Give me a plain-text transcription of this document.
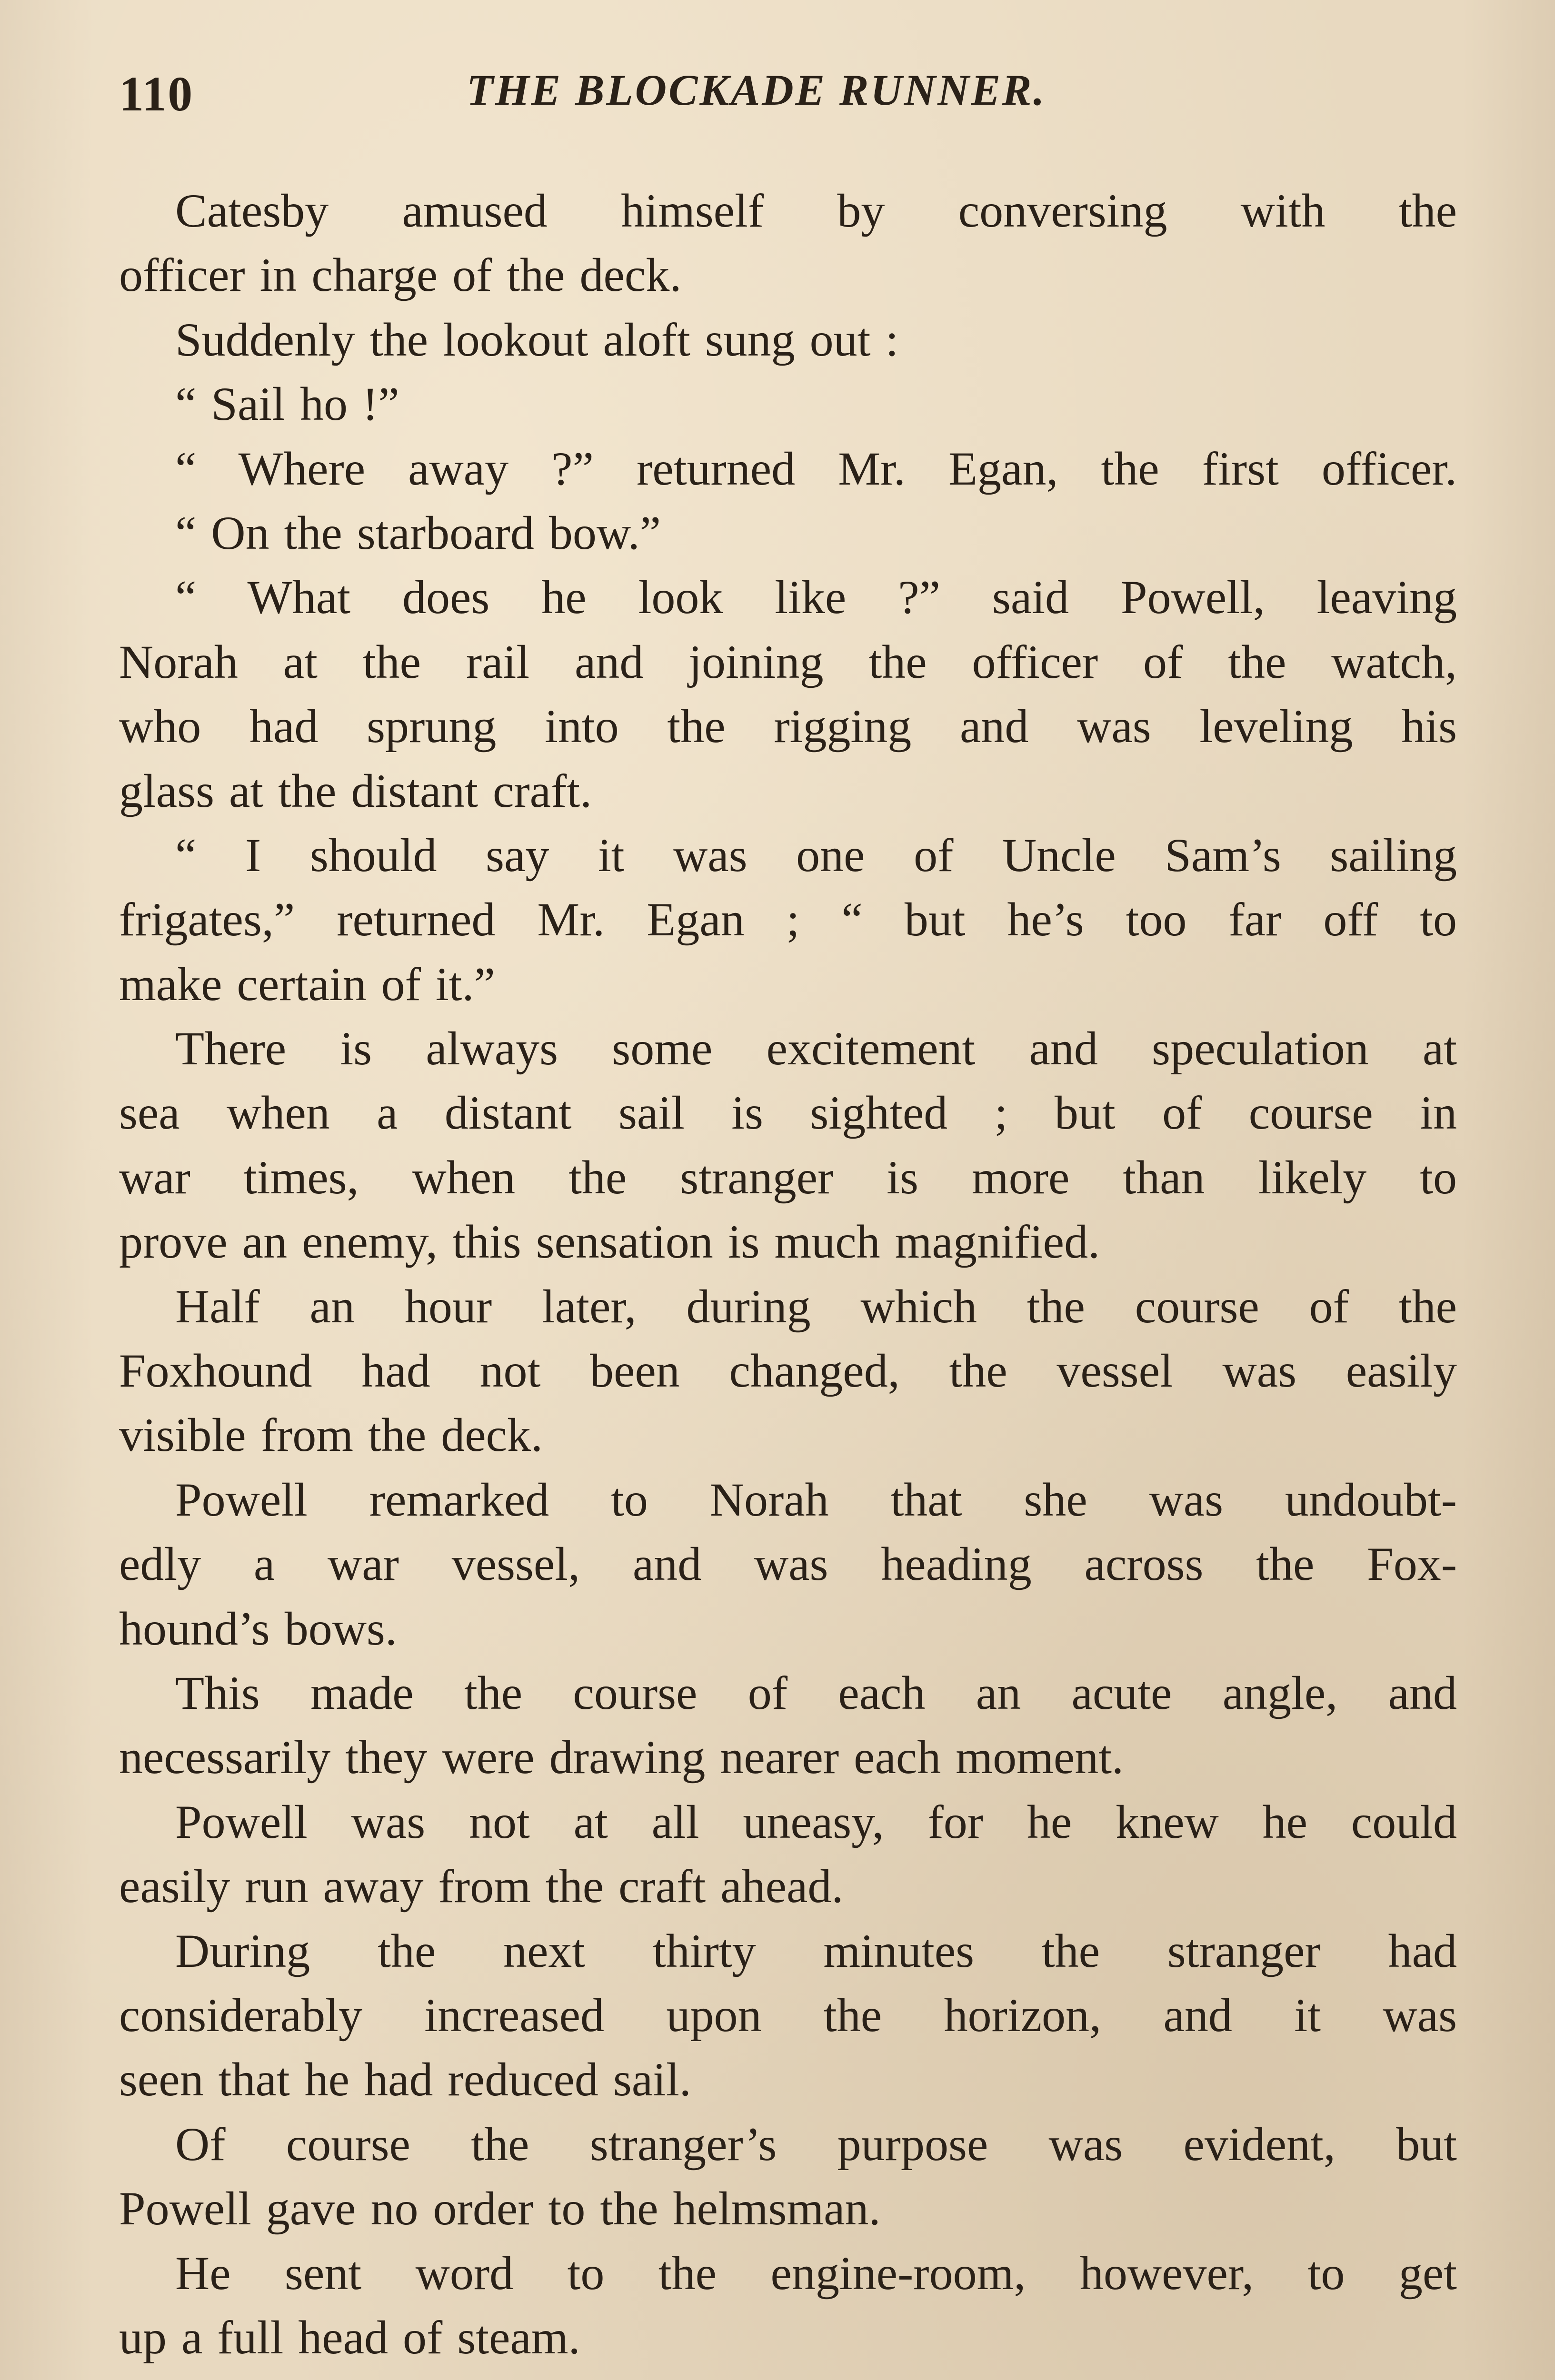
110	THE BLOCKADE RUNNER.
Catesby amused himself by conversing with the
officer in charge of the deck.
Suddenly the lookout aloft sung out :
“ Sail ho !”
“ Where away ?” returned Mr. Egan, the first officer.
“ On the starboard bow.”
“ What does he look like ?” said Powell, leaving
Norah at the rail and joining the officer of the watch,
who had sprung into the rigging and was leveling his
glass at the distant craft.
“ I should say it was one of Uncle Sam’s sailing
frigates,” returned Mr. Egan ; “ but he’s too far off to
make certain of it.”
There is always some excitement and speculation at
sea when a distant sail is sighted ; but of course in
war times, when the stranger is more than likely to
prove an enemy, this sensation is much magnified.
Half an hour later, during which the course of the
Foxhound had not been changed, the vessel was easily
visible from the deck.
Powell remarked to Norah that she was undoubt-
edly a war vessel, and was heading across the Fox-
hound’s bows.
This made the course of each an acute angle, and
necessarily they were drawing nearer each moment.
Powell was not at all uneasy, for he knew he could
easily run away from the craft ahead.
During the next thirty minutes the stranger had
considerably increased upon the horizon, and it was
seen that he had reduced sail.
Of course the stranger’s purpose was evident, but
Powell gave no order to the helmsman.
He sent word to the engine-room, however, to get
up a full head of steam.
